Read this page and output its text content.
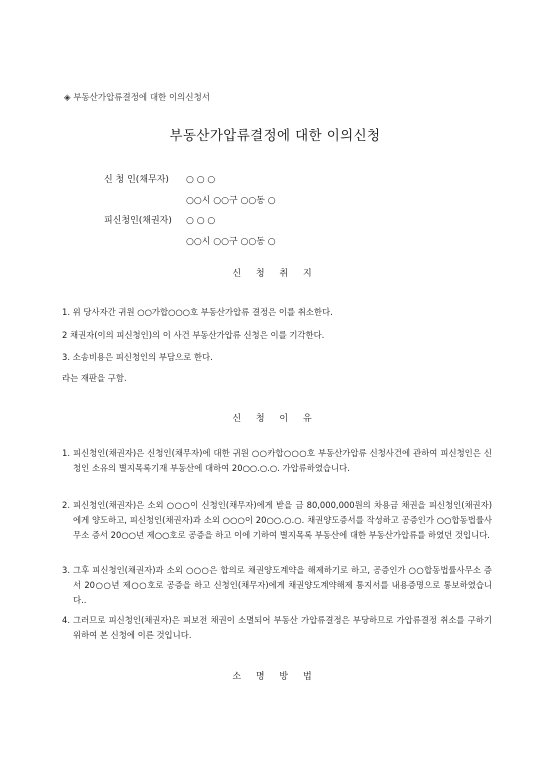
◈ 부동산가압류결정에 대한 이의신청서
부동산가압류결정에 대한 이의신청
신 청 인(채무자) ○ ○ ○
○○시 ○○구 ○○동 ○
피신청인(채권자) ○ ○ ○
○○시 ○○구 ○○동 ○
신 청 취 지
1. 위 당사자간 귀원 ○○가합○○○호 부동산가압류 결정은 이를 취소한다.
2 채권자(이의 피신청인)의 이 사건 부동산가압류 신청은 이를 기각한다.
3. 소송비용은 피신청인의 부담으로 한다.
라는 재판을 구함.
신 청 이 유
1. 피신청인(채권자)은 신청인(채무자)에 대한 귀원 ○○카합○○○호 부동산가압류 신청사건에 관하여 피신청인은 신청인 소유의 별지목록기재 부동산에 대하여 20○○.○.○. 가압류하였습니다.
2. 피신청인(채권자)은 소외 ○○○이 신청인(채무자)에게 받을 금 80,000,000원의 차용금 채권을 피신청인(채권자)에게 양도하고, 피신청인(채권자)과 소외 ○○○이 20○○.○.○. 채권양도증서를 작성하고 공증인가 ○○합동법률사무소 증서 20○○년 제○○호로 공증을 하고 이에 기하여 별지목록 부동산에 대한 부동산가압류를 하였던 것입니다.
3. 그후 피신청인(채권자)과 소외 ○○○은 합의로 채권양도계약을 해제하기로 하고, 공증인가 ○○합동법률사무소 증서 20○○년 제○○호로 공증을 하고 신청인(채무자)에게 채권양도계약해제 통지서를 내용증명으로 통보하였습니다..
4. 그러므로 피신청인(채권자)은 피보전 채권이 소멸되어 부동산 가압류결정은 부당하므로 가압류결정 취소를 구하기 위하여 본 신청에 이른 것입니다.
소 명 방 법
